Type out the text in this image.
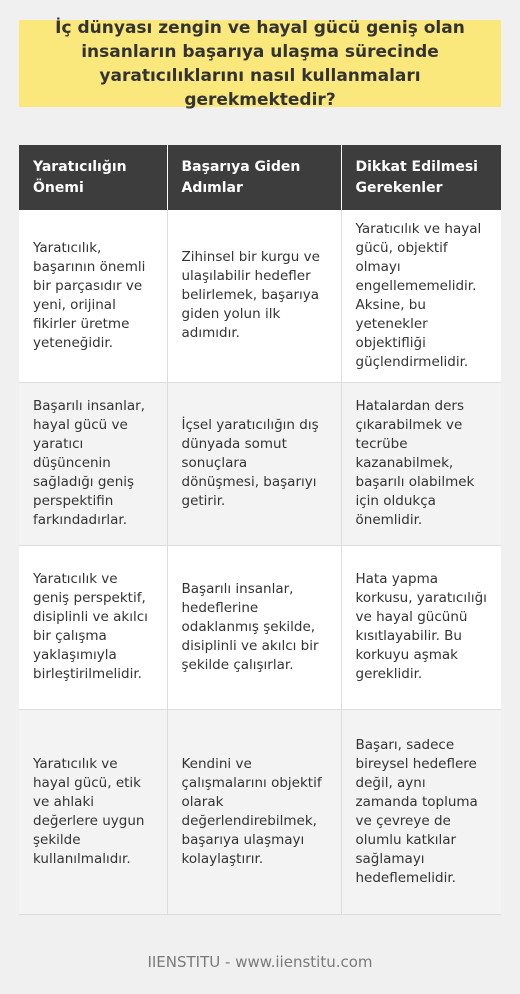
İç dünyası zengin ve hayal gücü geniş olan insanların başarıya ulaşma sürecinde yaratıcılıklarını nasıl kullanmaları gerekmektedir?
Yaratıcılığın Önemi	Başarıya Giden Adımlar	Dikkat Edilmesi Gerekenler
Yaratıcılık, başarının önemli bir parçasıdır ve yeni, orijinal fikirler üretme yeteneğidir.	Zihinsel bir kurgu ve ulaşılabilir hedefler belirlemek, başarıya giden yolun ilk adımıdır.	Yaratıcılık ve hayal gücü, objektif olmayı engellememelidir. Aksine, bu yetenekler objektifliği güçlendirmelidir.
Başarılı insanlar, hayal gücü ve yaratıcı düşüncenin sağladığı geniş perspektifin farkındadırlar.	İçsel yaratıcılığın dış dünyada somut sonuçlara dönüşmesi, başarıyı getirir.	Hatalardan ders çıkarabilmek ve tecrübe kazanabilmek, başarılı olabilmek için oldukça önemlidir.
Yaratıcılık ve geniş perspektif, disiplinli ve akılcı bir çalışma yaklaşımıyla birleştirilmelidir.	Başarılı insanlar, hedeflerine odaklanmış şekilde, disiplinli ve akılcı bir şekilde çalışırlar.	Hata yapma korkusu, yaratıcılığı ve hayal gücünü kısıtlayabilir. Bu korkuyu aşmak gereklidir.
Yaratıcılık ve hayal gücü, etik ve ahlaki değerlere uygun şekilde kullanılmalıdır.	Kendini ve çalışmalarını objektif olarak değerlendirebilmek, başarıya ulaşmayı kolaylaştırır.	Başarı, sadece bireysel hedeflere değil, aynı zamanda topluma ve çevreye de olumlu katkılar sağlamayı hedeflemelidir.
IIENSTITU - www.iienstitu.com
